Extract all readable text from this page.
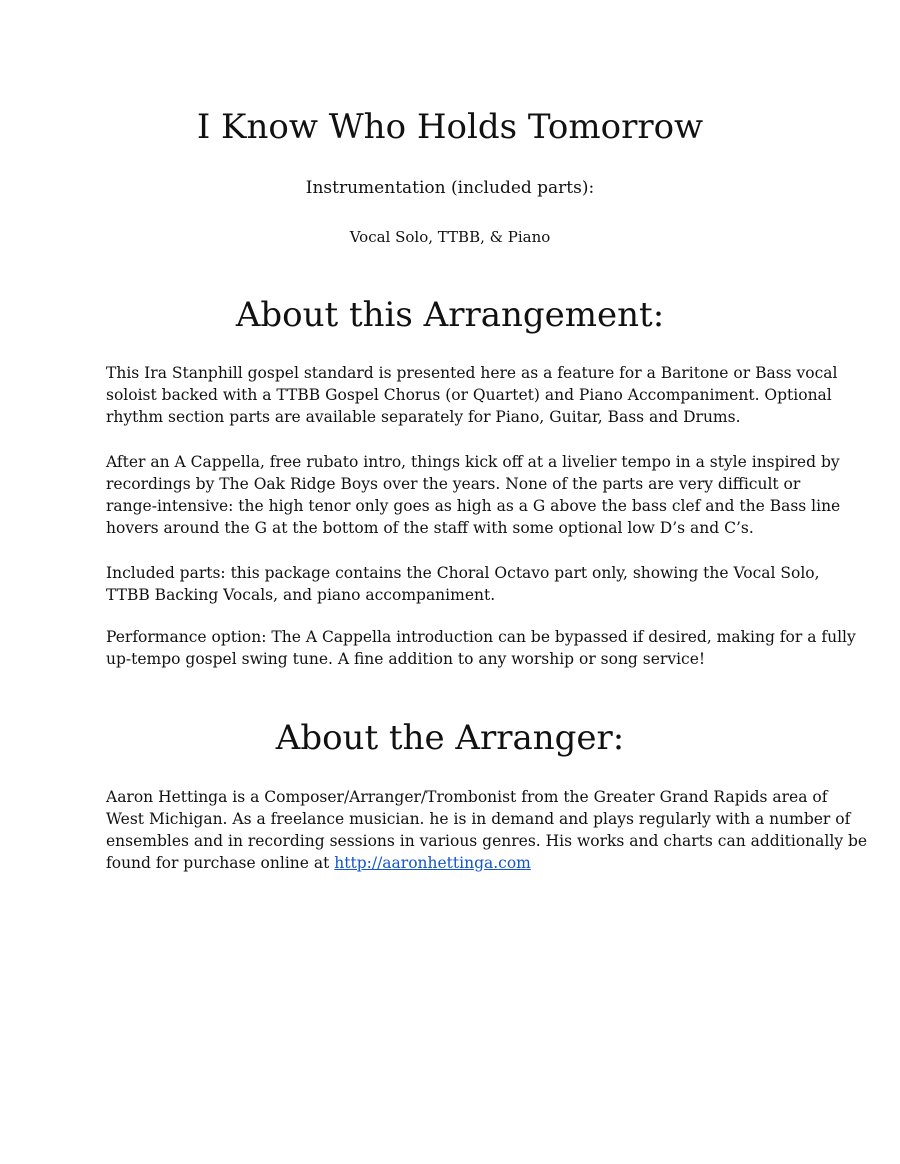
I Know Who Holds Tomorrow
Instrumentation (included parts):
Vocal Solo, TTBB, & Piano
About this Arrangement:
This Ira Stanphill gospel standard is presented here as a feature for a Baritone or Bass vocal
soloist backed with a TTBB Gospel Chorus (or Quartet) and Piano Accompaniment. Optional
rhythm section parts are available separately for Piano, Guitar, Bass and Drums.
After an A Cappella, free rubato intro, things kick off at a livelier tempo in a style inspired by
recordings by The Oak Ridge Boys over the years. None of the parts are very difficult or
range-intensive: the high tenor only goes as high as a G above the bass clef and the Bass line
hovers around the G at the bottom of the staff with some optional low D’s and C’s.
Included parts: this package contains the Choral Octavo part only, showing the Vocal Solo,
TTBB Backing Vocals, and piano accompaniment.
Performance option: The A Cappella introduction can be bypassed if desired, making for a fully
up-tempo gospel swing tune. A fine addition to any worship or song service!
About the Arranger:
Aaron Hettinga is a Composer/Arranger/Trombonist from the Greater Grand Rapids area of
West Michigan. As a freelance musician. he is in demand and plays regularly with a number of
ensembles and in recording sessions in various genres. His works and charts can additionally be
found for purchase online at http://aaronhettinga.com
